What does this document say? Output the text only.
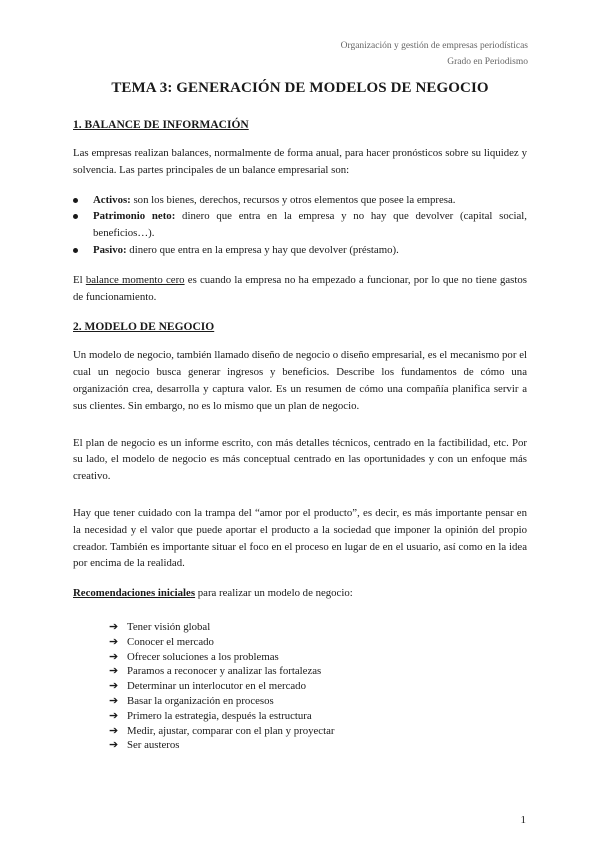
Organización y gestión de empresas periodísticas
Grado en Periodismo
TEMA 3: GENERACIÓN DE MODELOS DE NEGOCIO
1. BALANCE DE INFORMACIÓN

Las empresas realizan balances, normalmente de forma anual, para hacer pronósticos sobre su liquidez y solvencia. Las partes principales de un balance empresarial son:

Activos: son los bienes, derechos, recursos y otros elementos que posee la empresa.
Patrimonio neto: dinero que entra en la empresa y no hay que devolver (capital social, beneficios…).
Pasivo: dinero que entra en la empresa y hay que devolver (préstamo).

El balance momento cero es cuando la empresa no ha empezado a funcionar, por lo que no tiene gastos de funcionamiento.

2. MODELO DE NEGOCIO

Un modelo de negocio, también llamado diseño de negocio o diseño empresarial, es el mecanismo por el cual un negocio busca generar ingresos y beneficios. Describe los fundamentos de cómo una organización crea, desarrolla y captura valor. Es un resumen de cómo una compañía planifica servir a sus clientes. Sin embargo, no es lo mismo que un plan de negocio.

El plan de negocio es un informe escrito, con más detalles técnicos, centrado en la factibilidad, etc. Por su lado, el modelo de negocio es más conceptual centrado en las oportunidades y con un enfoque más creativo.

Hay que tener cuidado con la trampa del “amor por el producto”, es decir, es más importante pensar en la necesidad y el valor que puede aportar el producto a la sociedad que imponer la opinión del propio creador. También es importante situar el foco en el proceso en lugar de en el usuario, así como en la idea por encima de la realidad.

Recomendaciones iniciales para realizar un modelo de negocio:

➔ Tener visión global
➔ Conocer el mercado
➔ Ofrecer soluciones a los problemas
➔ Paramos a reconocer y analizar las fortalezas
➔ Determinar un interlocutor en el mercado
➔ Basar la organización en procesos
➔ Primero la estrategia, después la estructura
➔ Medir, ajustar, comparar con el plan y proyectar
➔ Ser austeros
1
